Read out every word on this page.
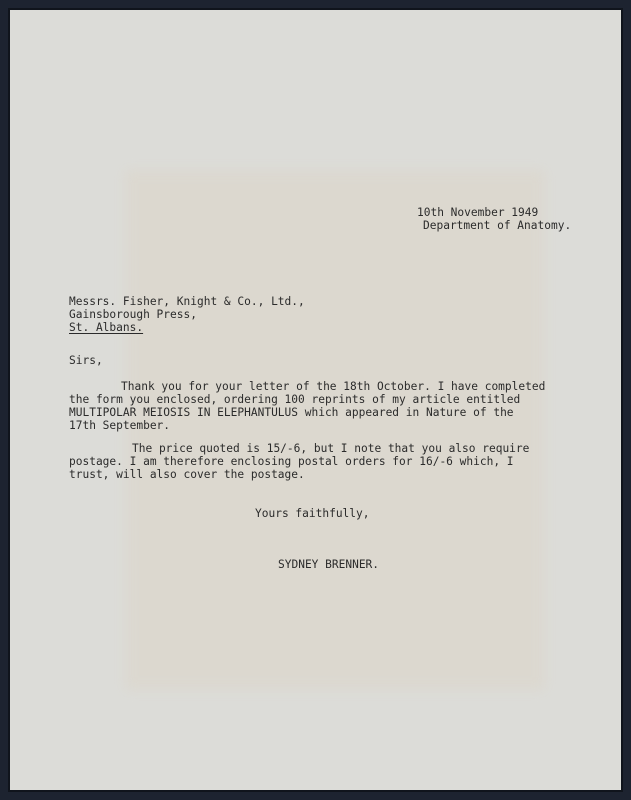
10th November 1949
Department of Anatomy.
Messrs. Fisher, Knight & Co., Ltd.,
Gainsborough Press,
St. Albans.
Sirs,
Thank you for your letter of the 18th October. I have completed
the form you enclosed, ordering 100 reprints of my article entitled
MULTIPOLAR MEIOSIS IN ELEPHANTULUS which appeared in Nature of the
17th September.
The price quoted is 15/-6, but I note that you also require
postage. I am therefore enclosing postal orders for 16/-6 which, I
trust, will also cover the postage.
Yours faithfully,
SYDNEY BRENNER.
